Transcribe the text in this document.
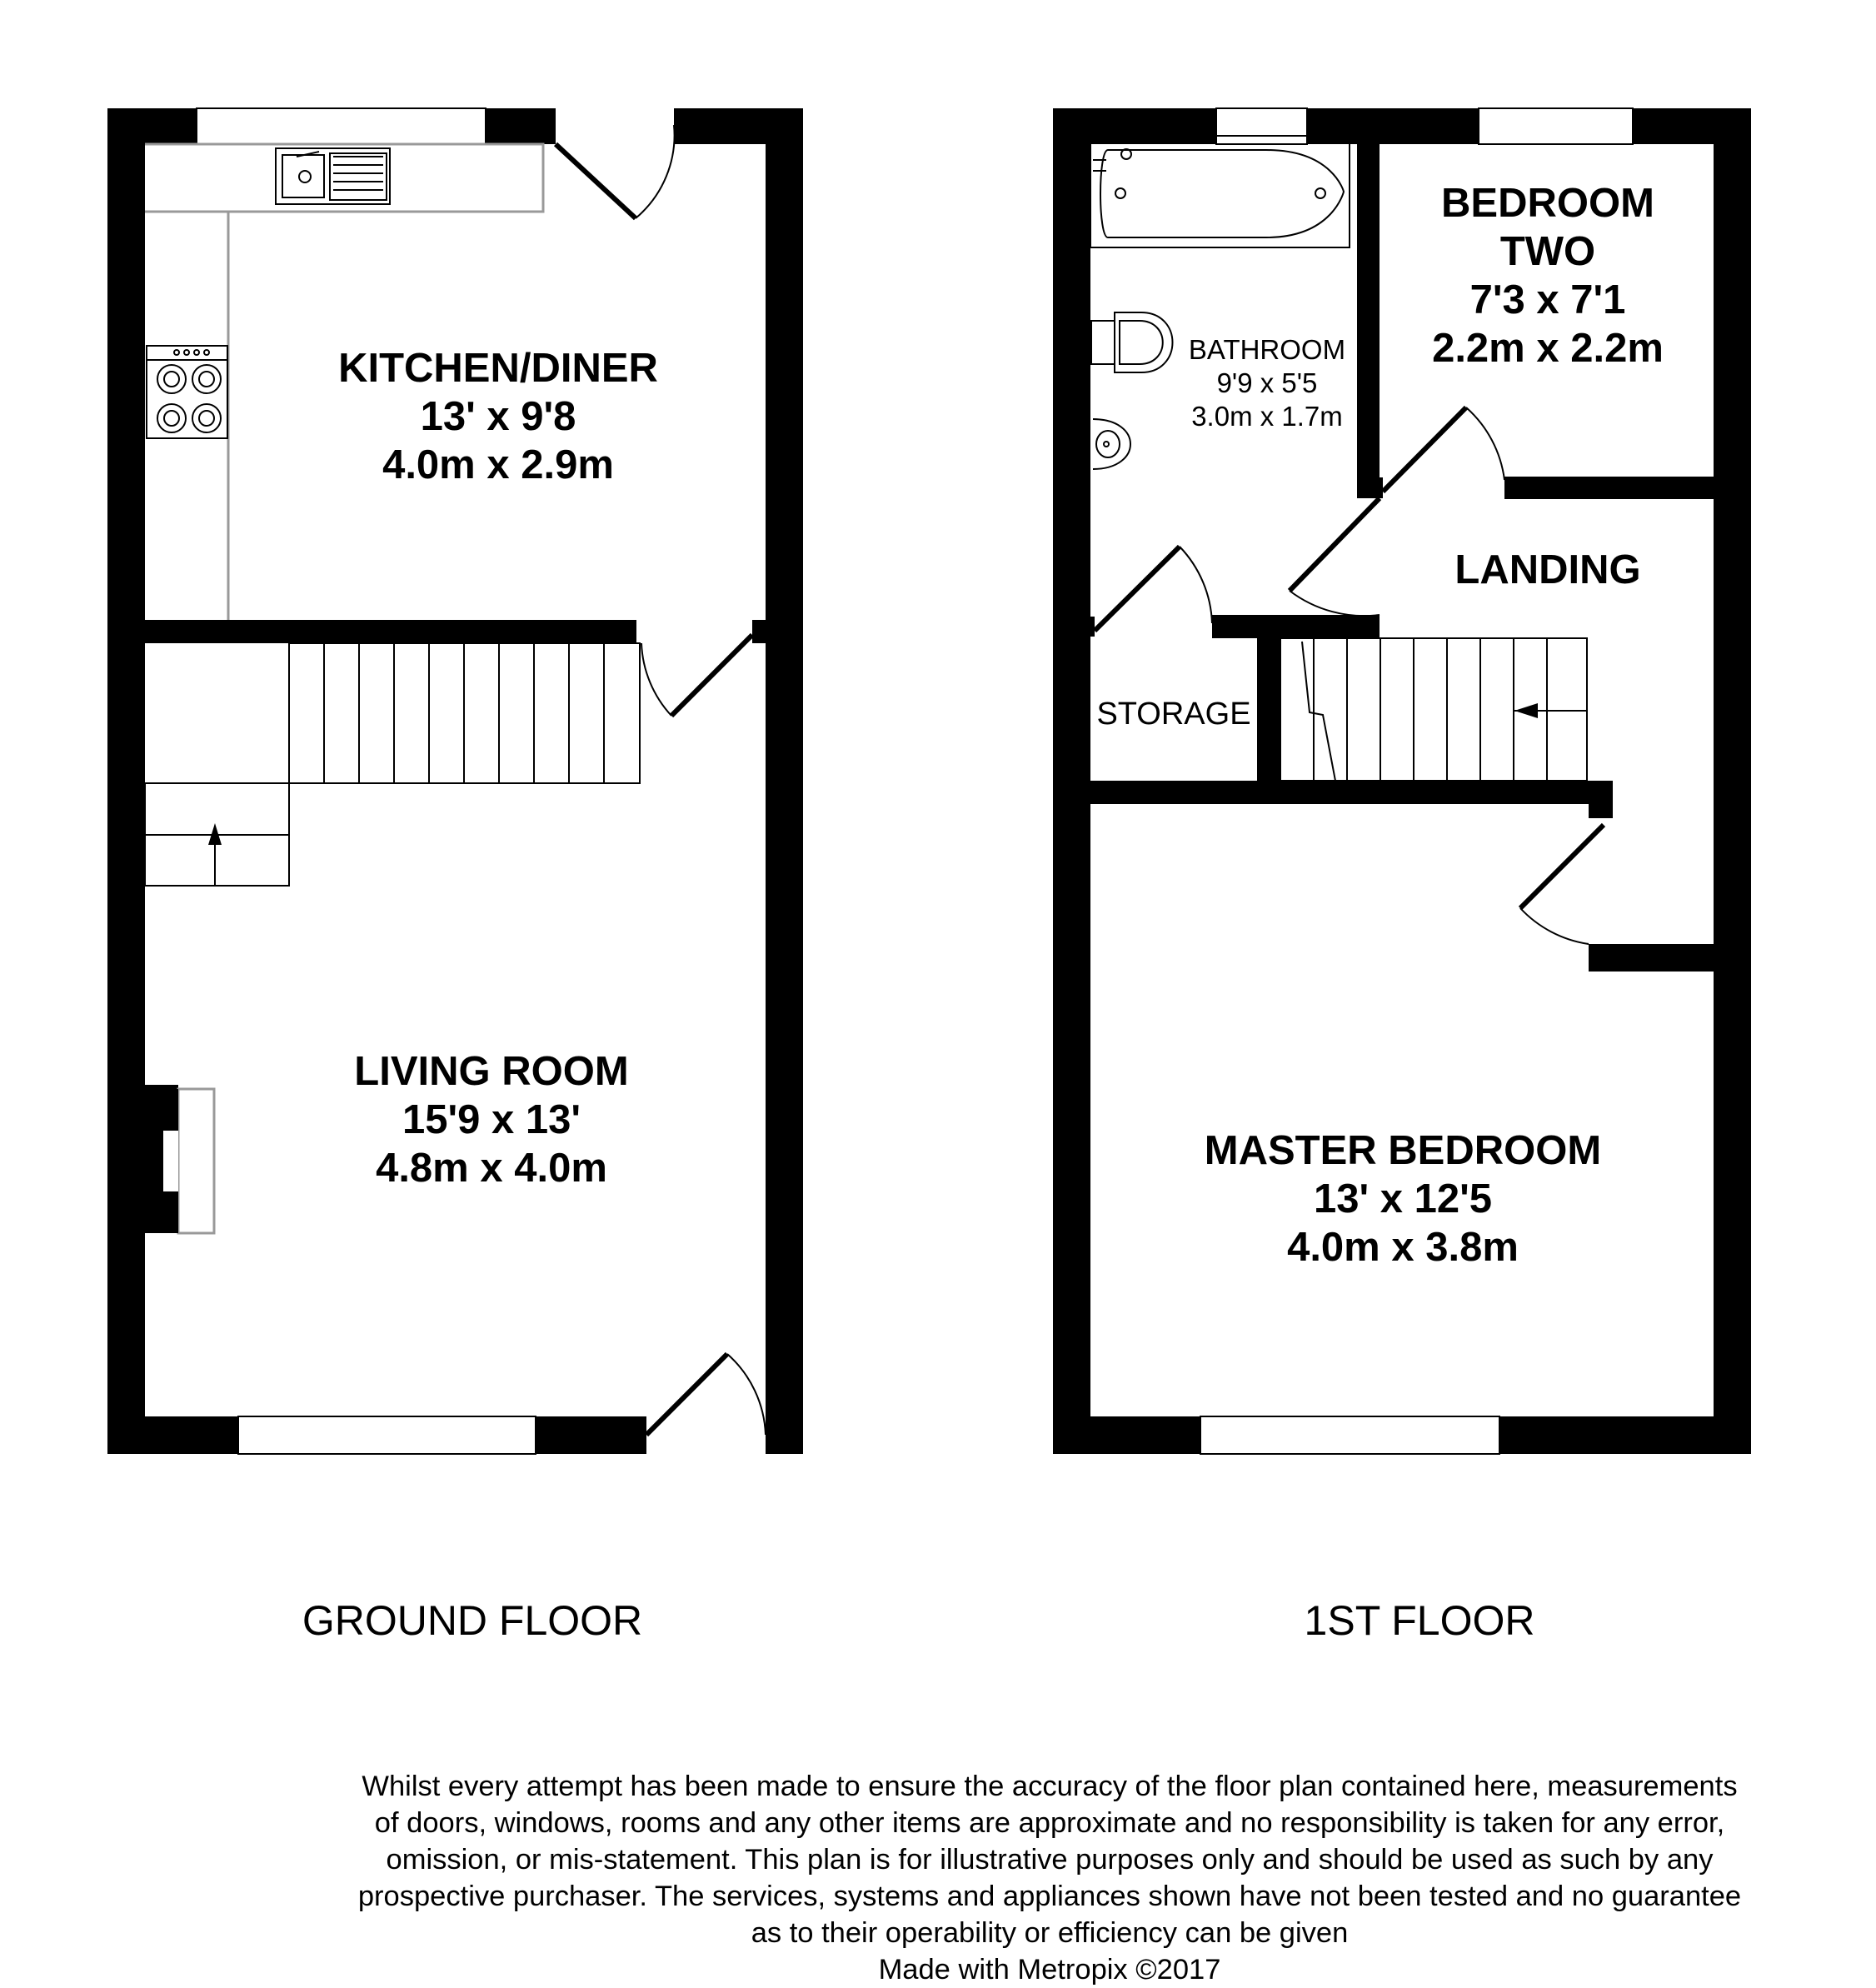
KITCHEN/DINER
13' x 9'8
4.0m x 2.9m
LIVING ROOM
15'9 x 13'
4.8m x 4.0m
GROUND FLOOR
BEDROOM
TWO
7'3 x 7'1
2.2m x 2.2m
BATHROOM
9'9 x 5'5
3.0m x 1.7m
LANDING
STORAGE
MASTER BEDROOM
13' x 12'5
4.0m x 3.8m
1ST FLOOR
Whilst every attempt has been made to ensure the accuracy of the floor plan contained here, measurements
of doors, windows, rooms and any other items are approximate and no responsibility is taken for any error,
omission, or mis-statement. This plan is for illustrative purposes only and should be used as such by any
prospective purchaser. The services, systems and appliances shown have not been tested and no guarantee
as to their operability or efficiency can be given
Made with Metropix ©2017
